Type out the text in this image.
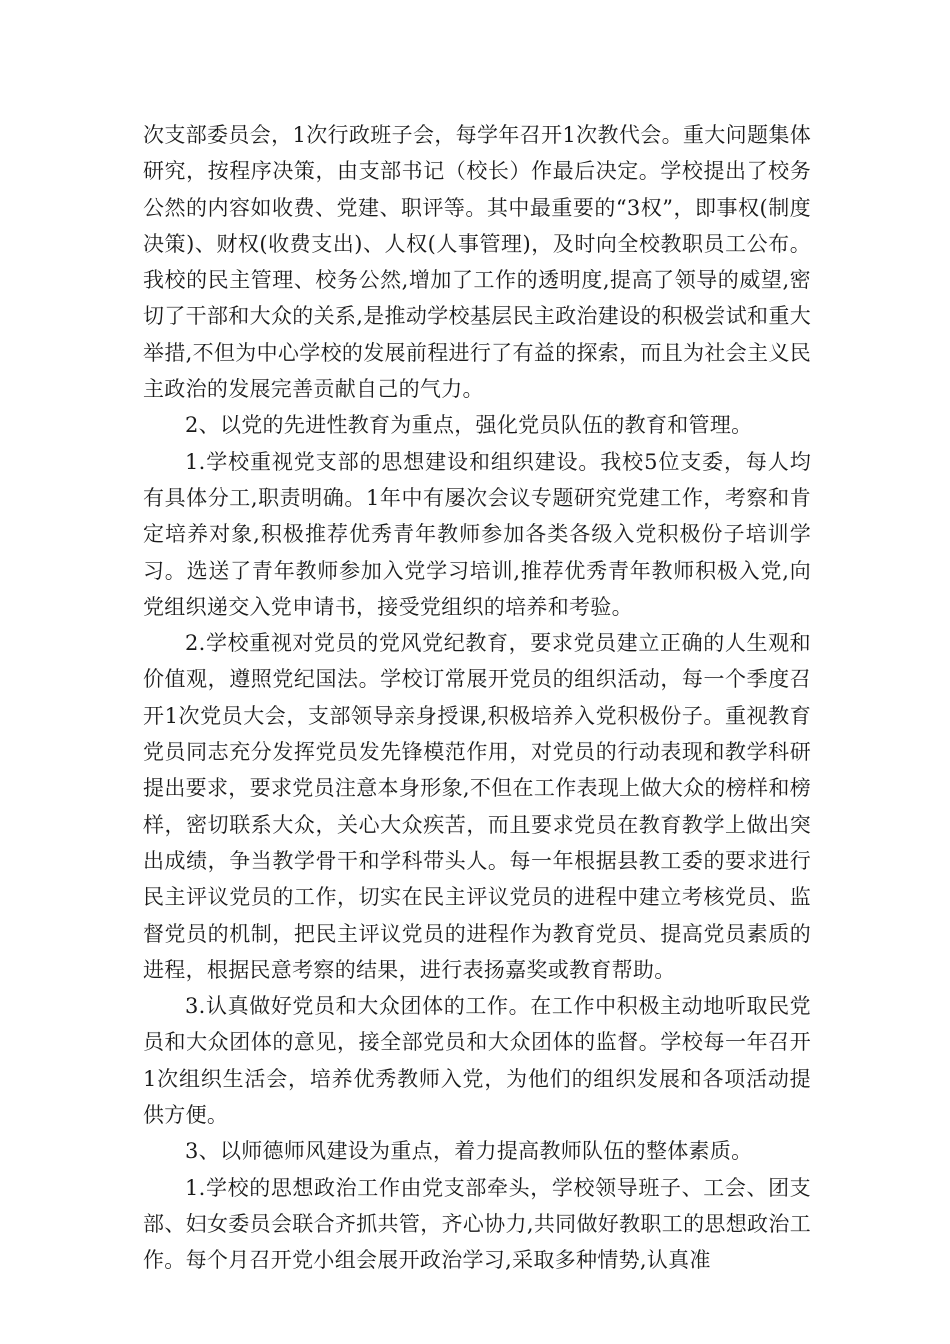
次支部委员会，1次行政班子会，每学年召开1次教代会。重大问题集体研究，按程序决策，由支部书记（校长）作最后决定。学校提出了校务公然的内容如收费、党建、职评等。其中最重要的“3权”，即事权(制度决策)、财权(收费支出)、人权(人事管理)，及时向全校教职员工公布。我校的民主管理、校务公然,增加了工作的透明度,提高了领导的威望,密切了干部和大众的关系,是推动学校基层民主政治建设的积极尝试和重大举措,不但为中心学校的发展前程进行了有益的探索，而且为社会主义民主政治的发展完善贡献自己的气力。

2、以党的先进性教育为重点，强化党员队伍的教育和管理。

1.学校重视党支部的思想建设和组织建设。我校5位支委，每人均有具体分工,职责明确。1年中有屡次会议专题研究党建工作，考察和肯定培养对象,积极推荐优秀青年教师参加各类各级入党积极份子培训学习。选送了青年教师参加入党学习培训,推荐优秀青年教师积极入党,向党组织递交入党申请书，接受党组织的培养和考验。

2.学校重视对党员的党风党纪教育，要求党员建立正确的人生观和价值观，遵照党纪国法。学校订常展开党员的组织活动，每一个季度召开1次党员大会，支部领导亲身授课,积极培养入党积极份子。重视教育党员同志充分发挥党员发先锋模范作用，对党员的行动表现和教学科研提出要求，要求党员注意本身形象,不但在工作表现上做大众的榜样和榜样，密切联系大众，关心大众疾苦，而且要求党员在教育教学上做出突出成绩，争当教学骨干和学科带头人。每一年根据县教工委的要求进行民主评议党员的工作，切实在民主评议党员的进程中建立考核党员、监督党员的机制，把民主评议党员的进程作为教育党员、提高党员素质的进程，根据民意考察的结果，进行表扬嘉奖或教育帮助。

3.认真做好党员和大众团体的工作。在工作中积极主动地听取民党员和大众团体的意见，接全部党员和大众团体的监督。学校每一年召开1次组织生活会，培养优秀教师入党，为他们的组织发展和各项活动提供方便。

3、以师德师风建设为重点，着力提高教师队伍的整体素质。

1.学校的思想政治工作由党支部牵头，学校领导班子、工会、团支部、妇女委员会联合齐抓共管，齐心协力,共同做好教职工的思想政治工作。每个月召开党小组会展开政治学习,采取多种情势,认真准
